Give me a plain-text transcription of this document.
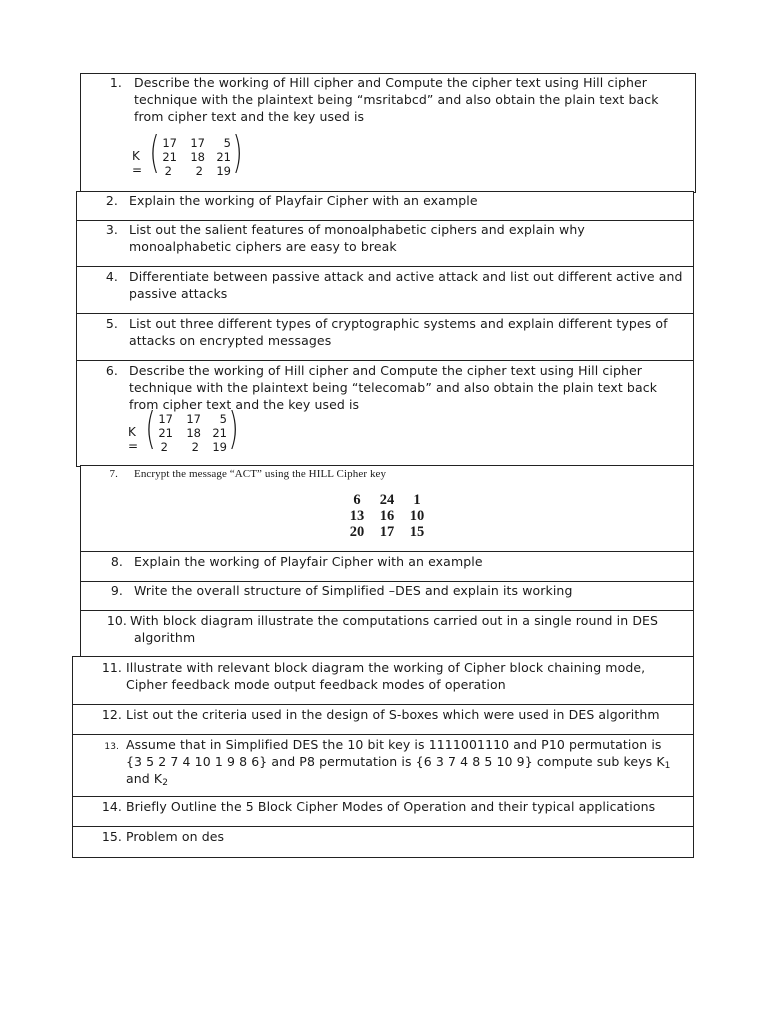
1. Describe the working of Hill cipher and Compute the cipher text using Hill cipher
technique with the plaintext being “msritabcd” and also obtain the plain text back
from cipher text and the key used is
K = ( 17	17	5
21	18 21
2	2	19 )
2. Explain the working of Playfair Cipher with an example
3. List out the salient features of monoalphabetic ciphers and explain why
monoalphabetic ciphers are easy to break
4. Differentiate between passive attack and active attack and list out different active and
passive attacks
5. List out three different types of cryptographic systems and explain different types of
attacks on encrypted messages
6. Describe the working of Hill cipher and Compute the cipher text using Hill cipher
technique with the plaintext being “telecomab” and also obtain the plain text back
from cipher text and the key used is
K = ( 17	17	5
21	18 21
2	2	19 )
7. Encrypt the message “ACT” using the HILL Cipher key
6	24	1
13	16	10
20	17	15
8. Explain the working of Playfair Cipher with an example
9. Write the overall structure of Simplified –DES and explain its working
10. With block diagram illustrate the computations carried out in a single round in DES
algorithm
11. Illustrate with relevant block diagram the working of Cipher block chaining mode,
Cipher feedback mode output feedback modes of operation
12. List out the criteria used in the design of S-boxes which were used in DES algorithm
13. Assume that in Simplified DES the 10 bit key is 1111001110 and P10 permutation is
{3 5 2 7 4 10 1 9 8 6} and P8 permutation is {6 3 7 4 8 5 10 9} compute sub keys $K_1$
and $K_2$
14. Briefly Outline the 5 Block Cipher Modes of Operation and their typical applications
15. Problem on des
